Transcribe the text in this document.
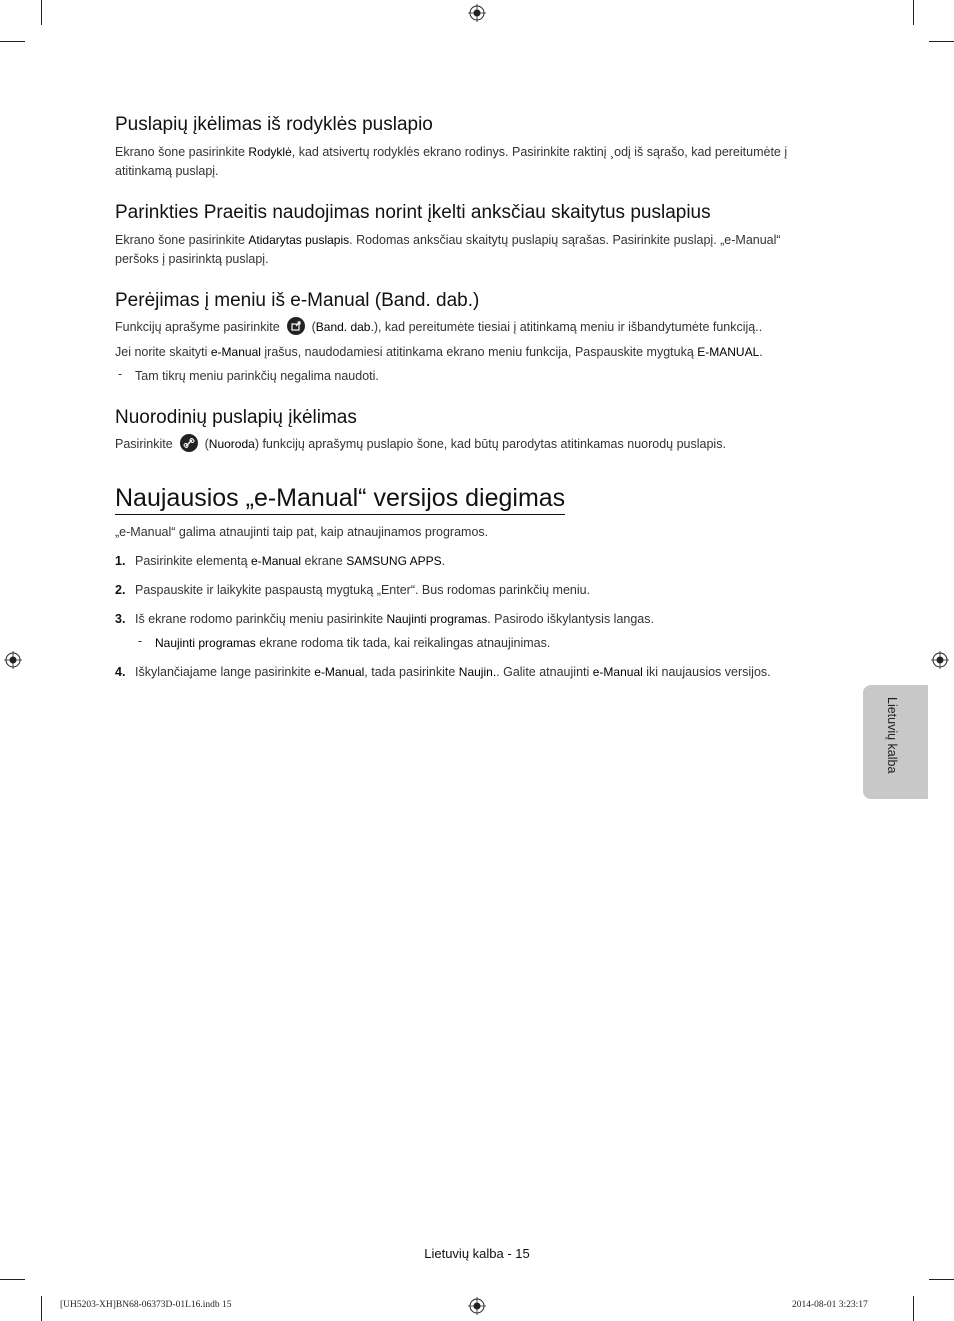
Puslapių įkėlimas iš rodyklės puslapio

Ekrano šone pasirinkite Rodyklė, kad atsivertų rodyklės ekrano rodinys. Pasirinkite raktinį ¸odį iš sąrašo, kad pereitumėte į atitinkamą puslapį.

Parinkties Praeitis naudojimas norint įkelti anksčiau skaitytus puslapius

Ekrano šone pasirinkite Atidarytas puslapis. Rodomas anksčiau skaitytų puslapių sąrašas. Pasirinkite puslapį. „e-Manual“ peršoks į pasirinktą puslapį.

Perėjimas į meniu iš e-Manual (Band. dab.)

Funkcijų aprašyme pasirinkite
(Band. dab.), kad pereitumėte tiesiai į atitinkamą meniu ir išbandytumėte funkciją..

Jei norite skaityti e-Manual įrašus, naudodamiesi atitinkama ekrano meniu funkcija, Paspauskite mygtuką E-MANUAL.

- Tam tikrų meniu parinkčių negalima naudoti.

Nuorodinių puslapių įkėlimas

Pasirinkite
(Nuoroda) funkcijų aprašymų puslapio šone, kad būtų parodytas atitinkamas nuorodų puslapis.

Naujausios „e-Manual“ versijos diegimas

„e-Manual“ galima atnaujinti taip pat, kaip atnaujinamos programos.

1. Pasirinkite elementą e-Manual ekrane SAMSUNG APPS.
2. Paspauskite ir laikykite paspaustą mygtuką „Enter“. Bus rodomas parinkčių meniu.
3. Iš ekrane rodomo parinkčių meniu pasirinkite Naujinti programas. Pasirodo iškylantysis langas.
- Naujinti programas ekrane rodoma tik tada, kai reikalingas atnaujinimas.

4. Iškylančiajame lange pasirinkite e-Manual, tada pasirinkite Naujin.. Galite atnaujinti e-Manual iki naujausios versijos.
Lietuvių kalba
Lietuvių kalba - 15
[UH5203-XH]BN68-06373D-01L16.indb 15	2014-08-01 3:23:17
